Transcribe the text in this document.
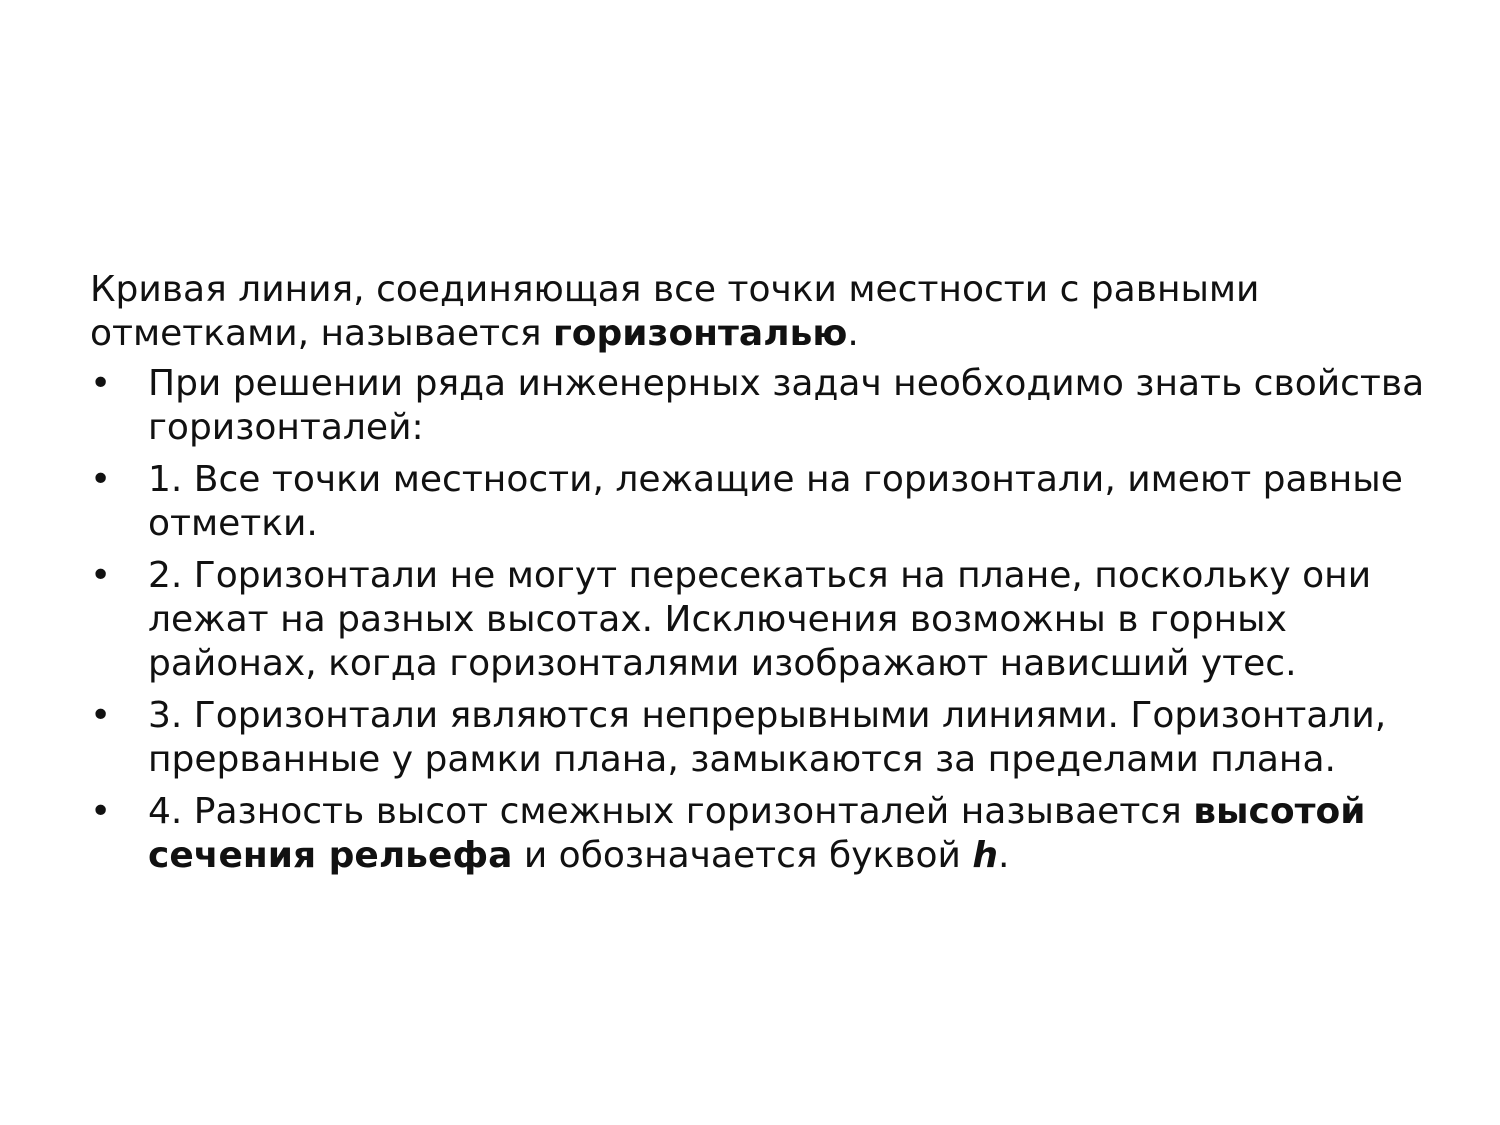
Кривая линия, соединяющая все точки местности с равными отметками, называется горизонталью.

• При решении ряда инженерных задач необходимо знать свойства горизонталей:
• 1. Все точки местности, лежащие на горизонтали, имеют равные отметки.
• 2. Горизонтали не могут пересекаться на плане, поскольку они лежат на разных высотах. Исключения возможны в горных районах, когда горизонталями изображают нависший утес.
• 3. Горизонтали являются непрерывными линиями. Горизонтали, прерванные у рамки плана, замыкаются за пределами плана.
• 4. Разность высот смежных горизонталей называется высотой сечения рельефа и обозначается буквой h.
